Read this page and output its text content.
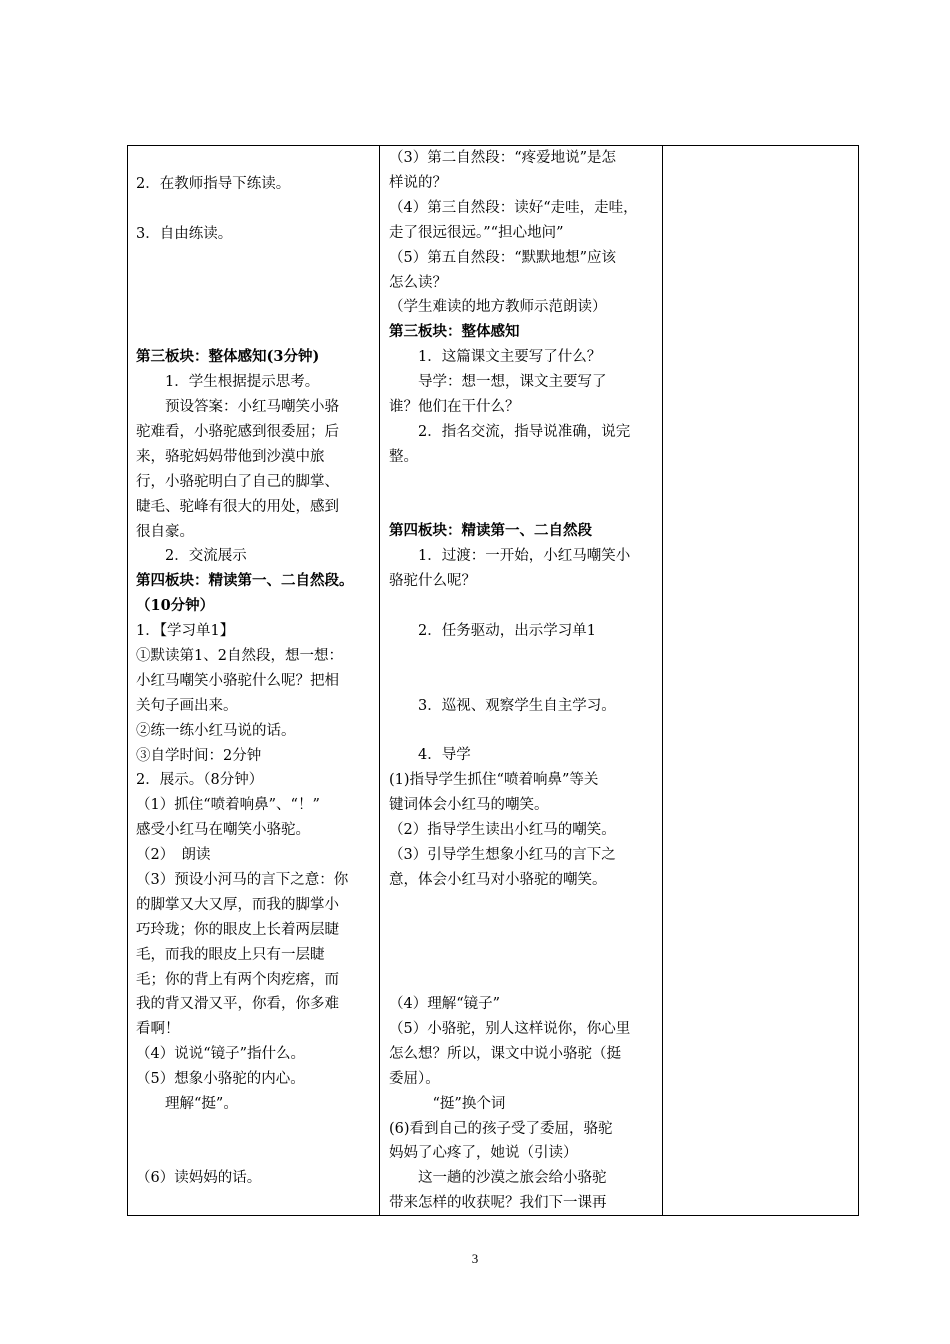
2．在教师指导下练读。
3．自由练读。
第三板块：整体感知(3分钟)
　　1．学生根据提示思考。
　　预设答案：小红马嘲笑小骆
驼难看，小骆驼感到很委屈；后
来，骆驼妈妈带他到沙漠中旅
行，小骆驼明白了自己的脚掌、
睫毛、驼峰有很大的用处，感到
很自豪。
　　2．交流展示
第四板块：精读第一、二自然段。
（10分钟）
1．【学习单1】
①默读第1、2自然段，想一想：
小红马嘲笑小骆驼什么呢？把相
关句子画出来。
②练一练小红马说的话。
③自学时间：2分钟
2．展示。（8分钟）
（1）抓住“喷着响鼻”、“！”
感受小红马在嘲笑小骆驼。
（2）　朗读
（3）预设小河马的言下之意：你
的脚掌又大又厚，而我的脚掌小
巧玲珑；你的眼皮上长着两层睫
毛，而我的眼皮上只有一层睫
毛；你的背上有两个肉疙瘩，而
我的背又滑又平，你看，你多难
看啊！
（4）说说“镜子”指什么。
（5）想象小骆驼的内心。
　　理解“挺”。
（6）读妈妈的话。
（3）第二自然段：“疼爱地说”是怎
样说的？
（4）第三自然段：读好“走哇，走哇，
走了很远很远。”“担心地问”
（5）第五自然段：“默默地想”应该
怎么读？
（学生难读的地方教师示范朗读）
第三板块：整体感知
　　1．这篇课文主要写了什么？
　　导学：想一想，课文主要写了
谁？他们在干什么？
　　2．指名交流，指导说准确，说完
整。
第四板块：精读第一、二自然段
　　1．过渡：一开始，小红马嘲笑小
骆驼什么呢？
　　2．任务驱动，出示学习单1
　　3．巡视、观察学生自主学习。
　　4．导学
(1)指导学生抓住“喷着响鼻”等关
键词体会小红马的嘲笑。
（2）指导学生读出小红马的嘲笑。
（3）引导学生想象小红马的言下之
意，体会小红马对小骆驼的嘲笑。
（4）理解“镜子”
（5）小骆驼，别人这样说你，你心里
怎么想？所以，课文中说小骆驼（挺
委屈）。
　　　“挺”换个词
(6)看到自己的孩子受了委屈，骆驼
妈妈了心疼了，她说（引读）
　　这一趟的沙漠之旅会给小骆驼
带来怎样的收获呢？我们下一课再
3
